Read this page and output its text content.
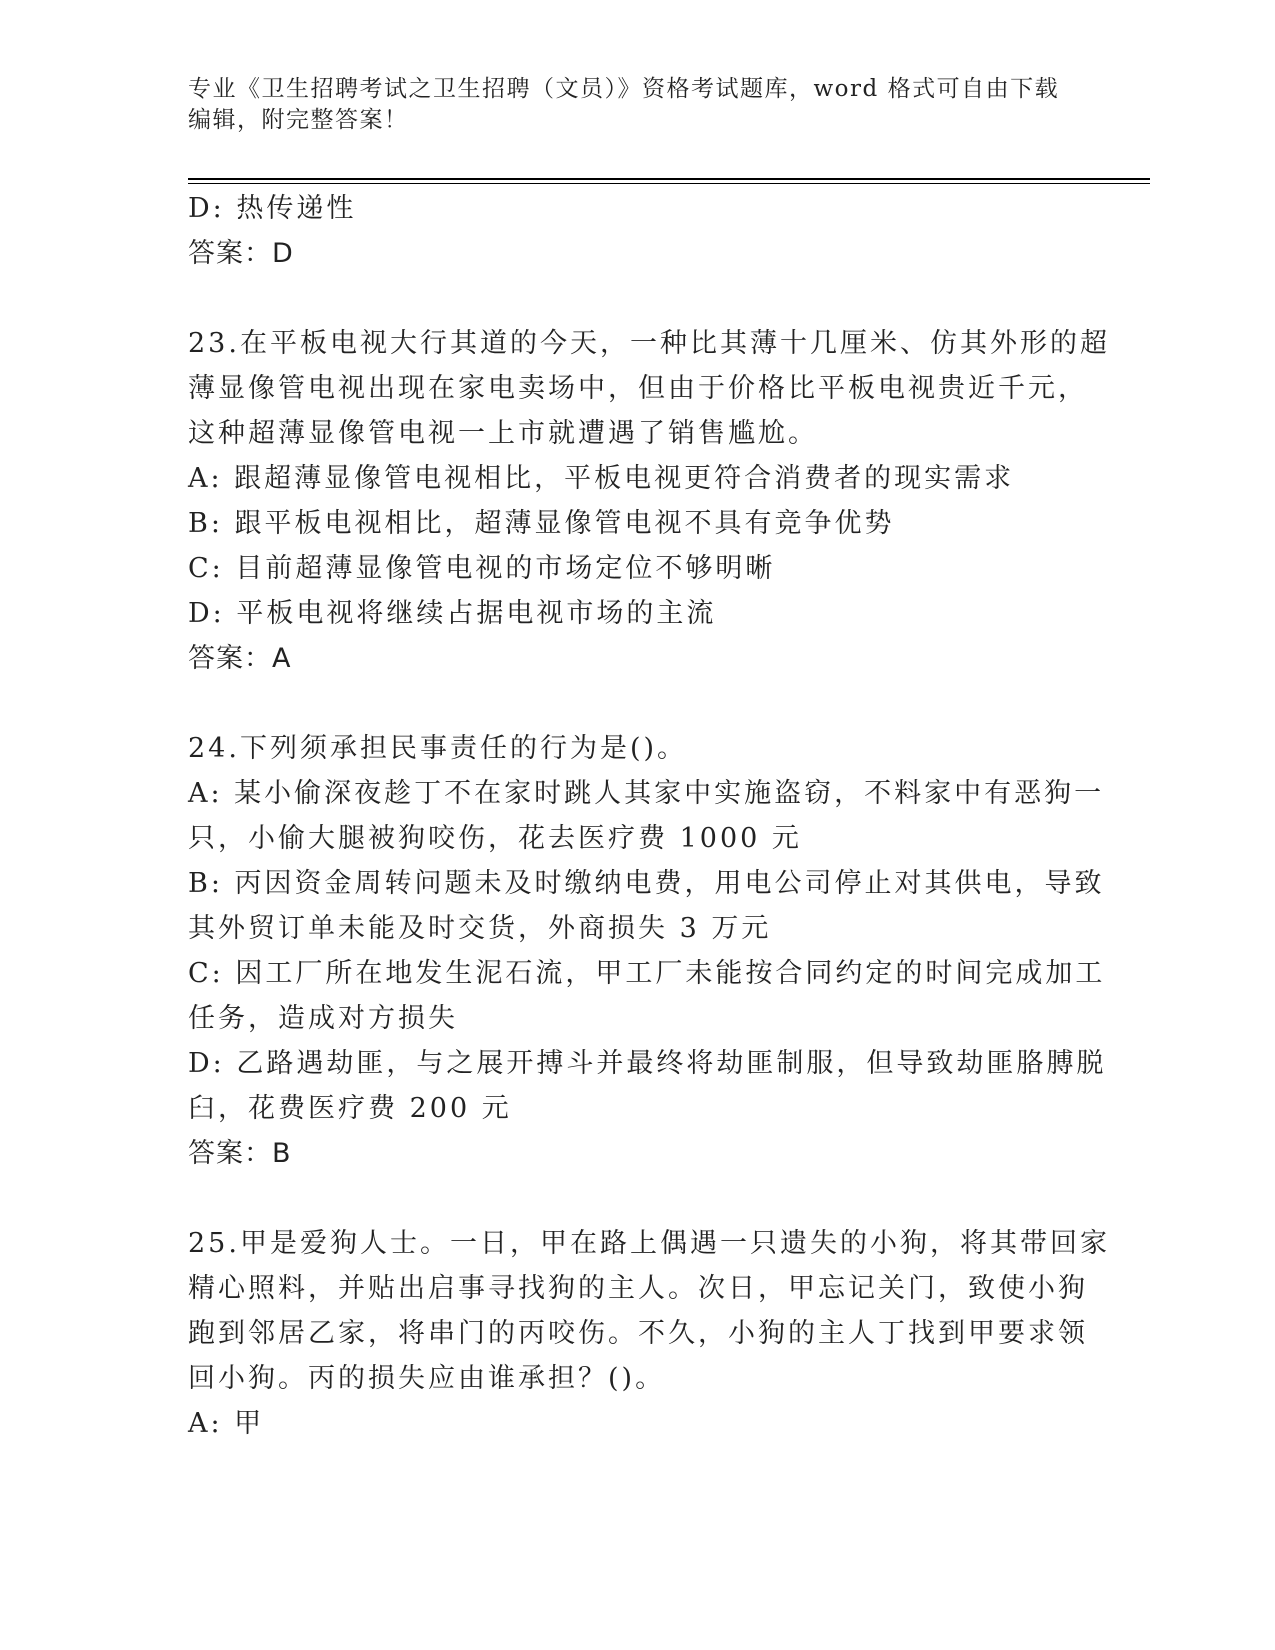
专业《卫生招聘考试之卫生招聘（文员）》资格考试题库，word 格式可自由下载
编辑，附完整答案！
D: 热传递性
答案：D
23.在平板电视大行其道的今天，一种比其薄十几厘米、仿其外形的超
薄显像管电视出现在家电卖场中，但由于价格比平板电视贵近千元，
这种超薄显像管电视一上市就遭遇了销售尴尬。
A: 跟超薄显像管电视相比，平板电视更符合消费者的现实需求
B: 跟平板电视相比，超薄显像管电视不具有竞争优势
C: 目前超薄显像管电视的市场定位不够明晰
D: 平板电视将继续占据电视市场的主流
答案：A
24.下列须承担民事责任的行为是()。
A: 某小偷深夜趁丁不在家时跳人其家中实施盗窃，不料家中有恶狗一
只，小偷大腿被狗咬伤，花去医疗费 1000 元
B: 丙因资金周转问题未及时缴纳电费，用电公司停止对其供电，导致
其外贸订单未能及时交货，外商损失 3 万元
C: 因工厂所在地发生泥石流，甲工厂未能按合同约定的时间完成加工
任务，造成对方损失
D: 乙路遇劫匪，与之展开搏斗并最终将劫匪制服，但导致劫匪胳膊脱
臼，花费医疗费 200 元
答案：B
25.甲是爱狗人士。一日，甲在路上偶遇一只遗失的小狗，将其带回家
精心照料，并贴出启事寻找狗的主人。次日，甲忘记关门，致使小狗
跑到邻居乙家，将串门的丙咬伤。不久，小狗的主人丁找到甲要求领
回小狗。丙的损失应由谁承担？()。
A: 甲
